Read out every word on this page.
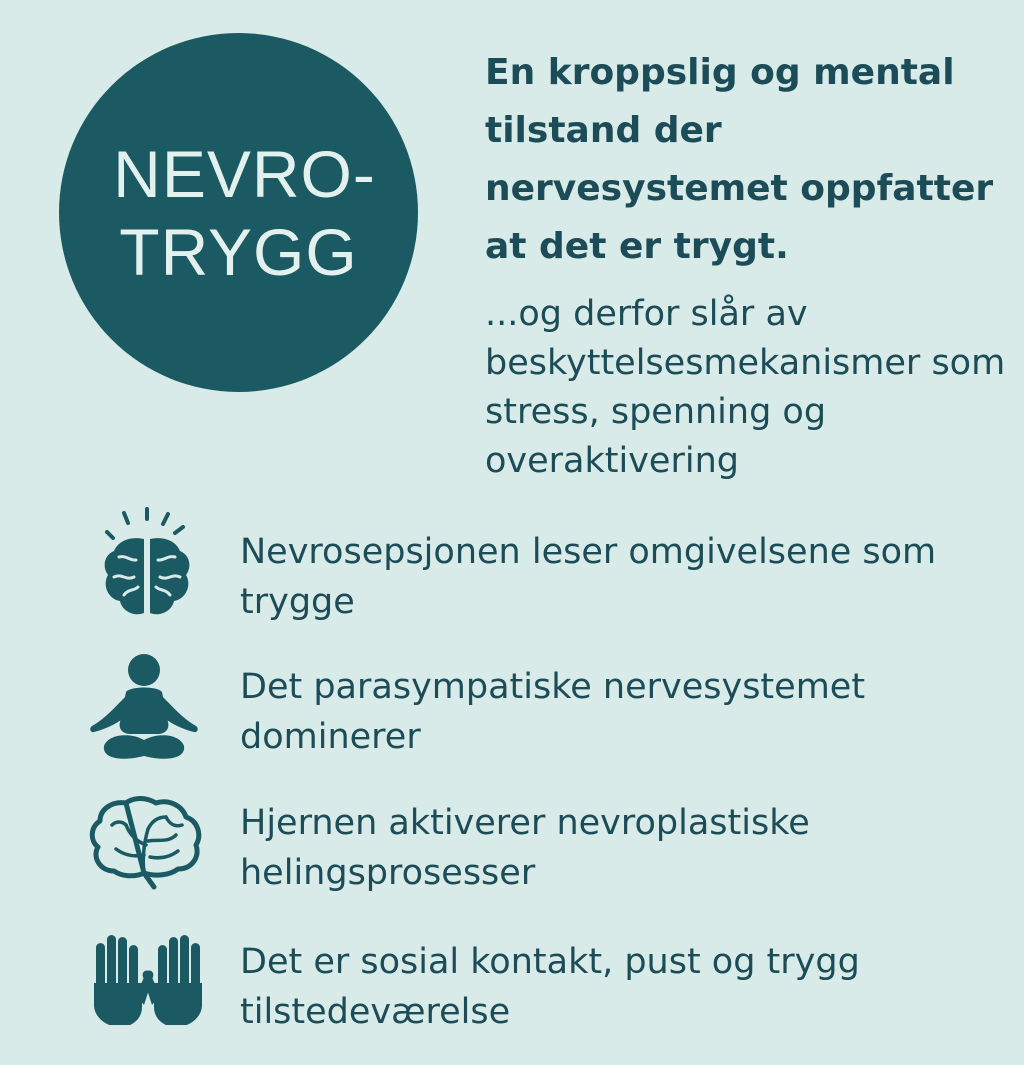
NEVRO-
TRYGG

En kroppslig og mental tilstand der nervesystemet oppfatter at det er trygt.

...og derfor slår av beskyttelsesmekanismer som stress, spenning og overaktivering

Nevrosepsjonen leser omgivelsene som trygge

Det parasympatiske nervesystemet dominerer

Hjernen aktiverer nevroplastiske helingsprosesser

Det er sosial kontakt, pust og trygg tilstedeværelse
